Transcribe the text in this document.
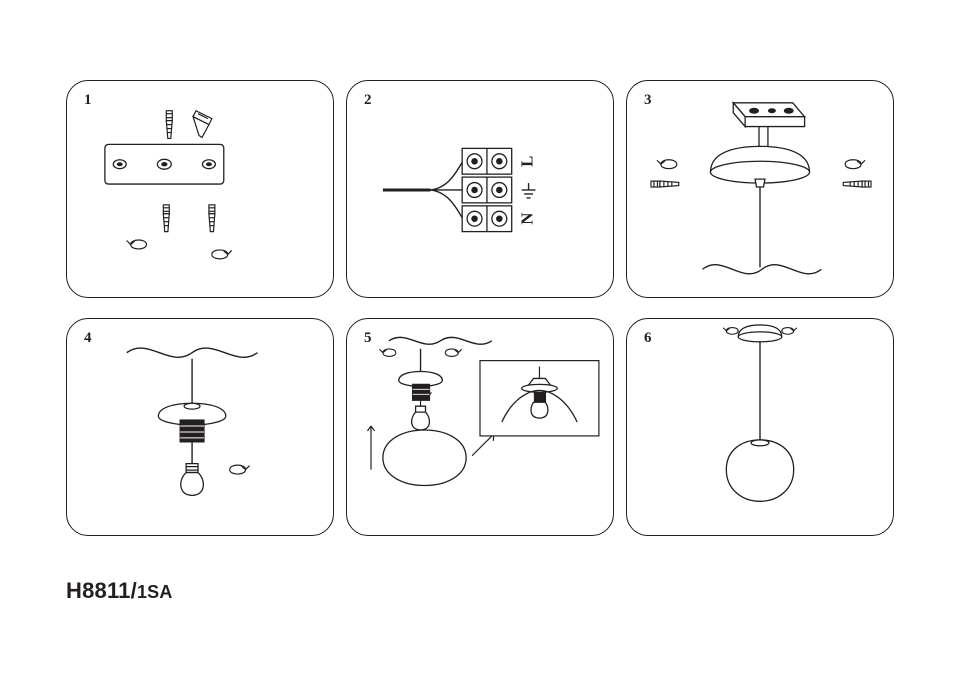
1	2
L
N
3
4	5	6
H8811/1SA
